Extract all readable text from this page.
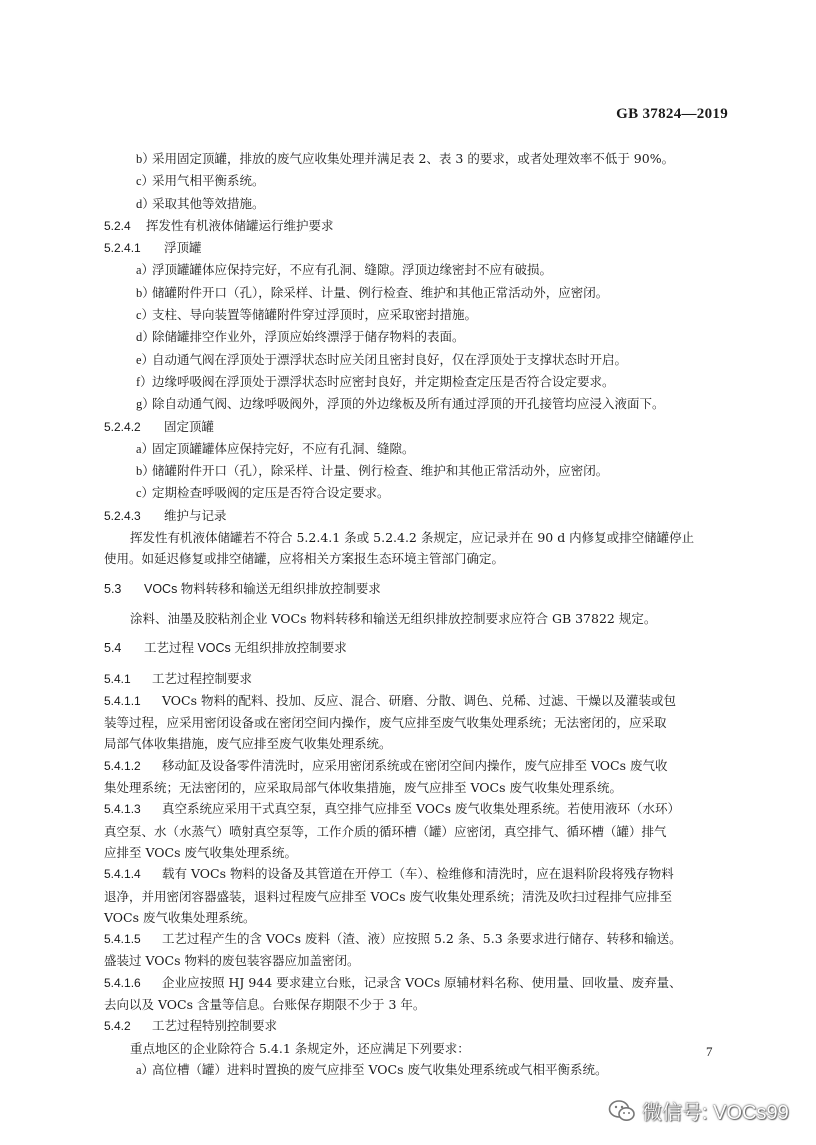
GB 37824—2019

b）采用固定顶罐，排放的废气应收集处理并满足表 2、表 3 的要求，或者处理效率不低于 90%。

c）采用气相平衡系统。

d）采取其他等效措施。

5.2.4 挥发性有机液体储罐运行维护要求

5.2.4.1 浮顶罐

a）浮顶罐罐体应保持完好，不应有孔洞、缝隙。浮顶边缘密封不应有破损。

b）储罐附件开口（孔），除采样、计量、例行检查、维护和其他正常活动外，应密闭。

c）支柱、导向装置等储罐附件穿过浮顶时，应采取密封措施。

d）除储罐排空作业外，浮顶应始终漂浮于储存物料的表面。

e）自动通气阀在浮顶处于漂浮状态时应关闭且密封良好，仅在浮顶处于支撑状态时开启。

f）边缘呼吸阀在浮顶处于漂浮状态时应密封良好，并定期检查定压是否符合设定要求。

g）除自动通气阀、边缘呼吸阀外，浮顶的外边缘板及所有通过浮顶的开孔接管均应浸入液面下。

5.2.4.2 固定顶罐

a）固定顶罐罐体应保持完好，不应有孔洞、缝隙。

b）储罐附件开口（孔），除采样、计量、例行检查、维护和其他正常活动外，应密闭。

c）定期检查呼吸阀的定压是否符合设定要求。

5.2.4.3 维护与记录

挥发性有机液体储罐若不符合 5.2.4.1 条或 5.2.4.2 条规定，应记录并在 90 d 内修复或排空储罐停止

使用。如延迟修复或排空储罐，应将相关方案报生态环境主管部门确定。

5.3 VOCs 物料转移和输送无组织排放控制要求

涂料、油墨及胶粘剂企业 VOCs 物料转移和输送无组织排放控制要求应符合 GB 37822 规定。

5.4 工艺过程 VOCs 无组织排放控制要求

5.4.1 工艺过程控制要求

5.4.1.1 VOCs 物料的配料、投加、反应、混合、研磨、分散、调色、兑稀、过滤、干燥以及灌装或包

装等过程，应采用密闭设备或在密闭空间内操作，废气应排至废气收集处理系统；无法密闭的，应采取

局部气体收集措施，废气应排至废气收集处理系统。

5.4.1.2 移动缸及设备零件清洗时，应采用密闭系统或在密闭空间内操作，废气应排至 VOCs 废气收

集处理系统；无法密闭的，应采取局部气体收集措施，废气应排至 VOCs 废气收集处理系统。

5.4.1.3 真空系统应采用干式真空泵，真空排气应排至 VOCs 废气收集处理系统。若使用液环（水环）

真空泵、水（水蒸气）喷射真空泵等，工作介质的循环槽（罐）应密闭，真空排气、循环槽（罐）排气

应排至 VOCs 废气收集处理系统。

5.4.1.4 载有 VOCs 物料的设备及其管道在开停工（车）、检维修和清洗时，应在退料阶段将残存物料

退净，并用密闭容器盛装，退料过程废气应排至 VOCs 废气收集处理系统；清洗及吹扫过程排气应排至

VOCs 废气收集处理系统。

5.4.1.5 工艺过程产生的含 VOCs 废料（渣、液）应按照 5.2 条、5.3 条要求进行储存、转移和输送。

盛装过 VOCs 物料的废包装容器应加盖密闭。

5.4.1.6 企业应按照 HJ 944 要求建立台账，记录含 VOCs 原辅材料名称、使用量、回收量、废弃量、

去向以及 VOCs 含量等信息。台账保存期限不少于 3 年。

5.4.2 工艺过程特别控制要求

重点地区的企业除符合 5.4.1 条规定外，还应满足下列要求：

a）高位槽（罐）进料时置换的废气应排至 VOCs 废气收集处理系统或气相平衡系统。

7
微信号: VOCs99
